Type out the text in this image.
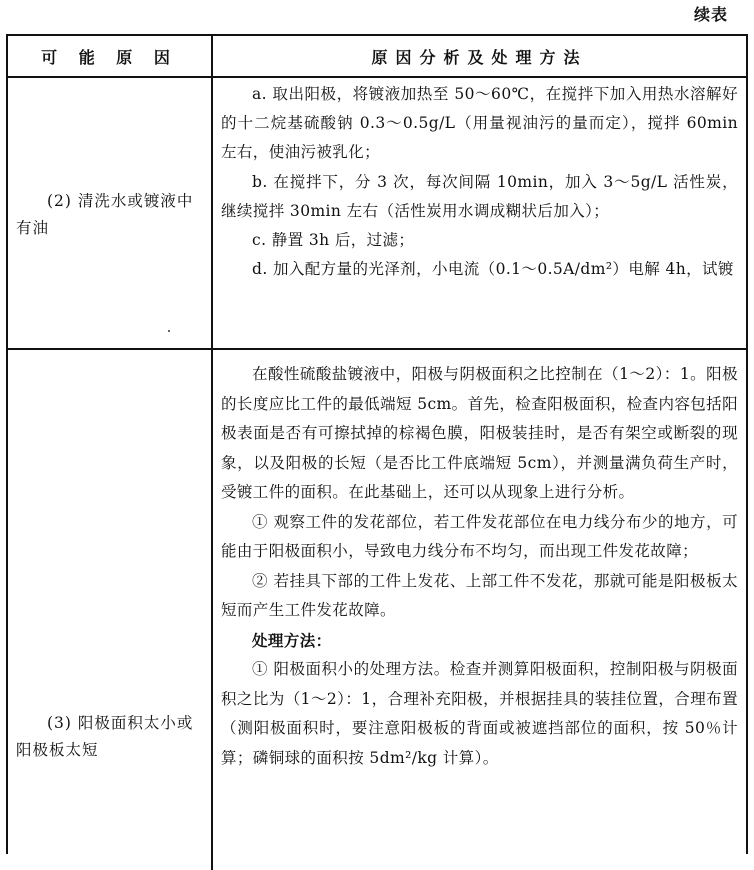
续表
可 能 原 因	原因分析及处理方法
(2) 清洗水或镀液中有油

a. 取出阳极，将镀液加热至 50～60℃，在搅拌下加入用热水溶解好的十二烷基硫酸钠 0.3～0.5g/L（用量视油污的量而定），搅拌 60min 左右，使油污被乳化；

b. 在搅拌下，分 3 次，每次间隔 10min，加入 3～5g/L 活性炭，继续搅拌 30min 左右（活性炭用水调成糊状后加入）；

c. 静置 3h 后，过滤；

d. 加入配方量的光泽剂，小电流（0.1～0.5A/dm²）电解 4h，试镀

(3) 阳极面积太小或阳极板太短

在酸性硫酸盐镀液中，阳极与阴极面积之比控制在（1～2）：1。阳极的长度应比工件的最低端短 5cm。首先，检查阳极面积，检查内容包括阳极表面是否有可擦拭掉的棕褐色膜，阳极装挂时，是否有架空或断裂的现象，以及阳极的长短（是否比工件底端短 5cm），并测量满负荷生产时，受镀工件的面积。在此基础上，还可以从现象上进行分析。

① 观察工件的发花部位，若工件发花部位在电力线分布少的地方，可能由于阳极面积小，导致电力线分布不均匀，而出现工件发花故障；

② 若挂具下部的工件上发花、上部工件不发花，那就可能是阳极板太短而产生工件发花故障。

处理方法：

① 阳极面积小的处理方法。检查并测算阳极面积，控制阳极与阴极面积之比为（1～2）：1，合理补充阳极，并根据挂具的装挂位置，合理布置（测阳极面积时，要注意阳极板的背面或被遮挡部位的面积，按 50％计算；磷铜球的面积按 5dm²/kg 计算）。
